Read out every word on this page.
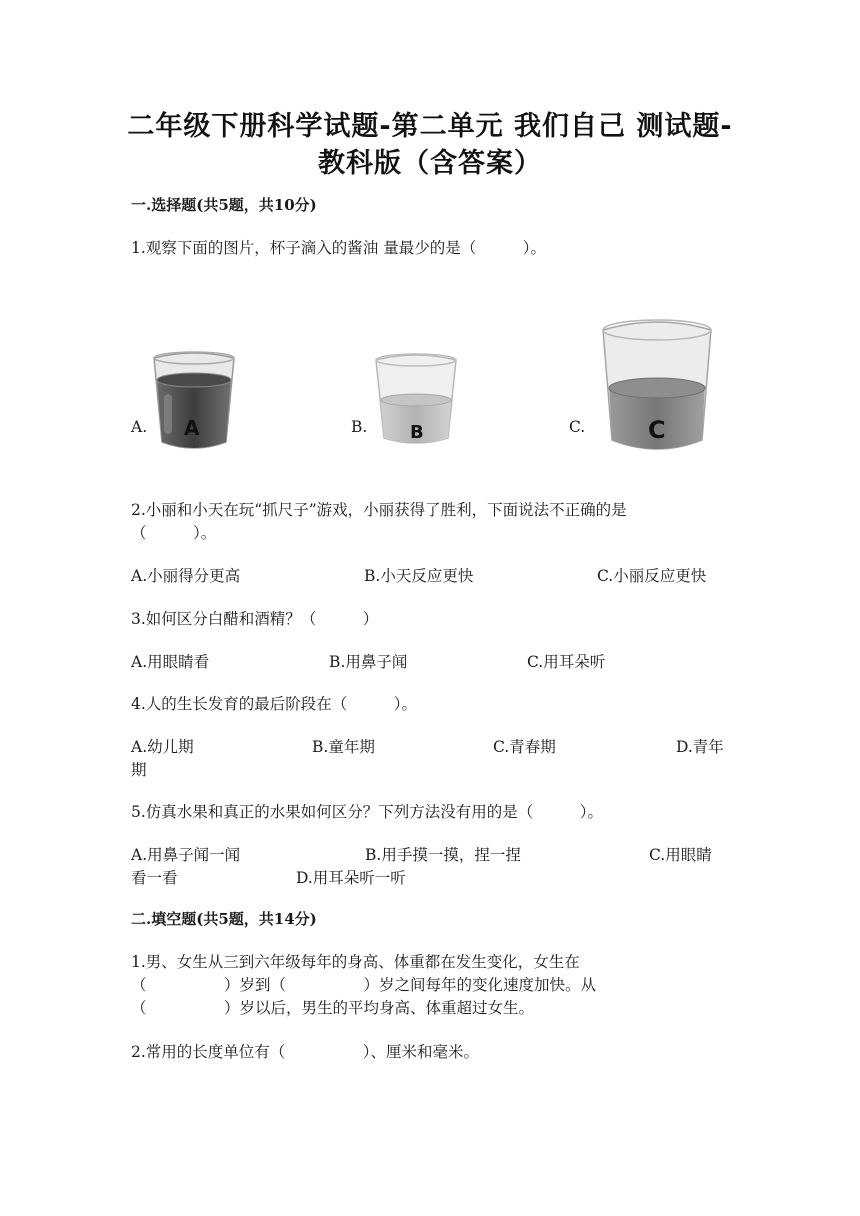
二年级下册科学试题-第二单元 我们自己 测试题-
教科版（含答案）
一.选择题(共5题，共10分)
1.观察下面的图片，杯子滴入的酱油 量最少的是（　　　）。
A. A	B. B	C.	C
2.小丽和小天在玩“抓尺子”游戏，小丽获得了胜利，下面说法不正确的是
（　　　）。
A.小丽得分更高	B.小天反应更快	C.小丽反应更快
3.如何区分白醋和酒精？（　　　）
A.用眼睛看	B.用鼻子闻	C.用耳朵听
4.人的生长发育的最后阶段在（　　　）。
A.幼儿期	B.童年期	C.青春期	D.青年
期
5.仿真水果和真正的水果如何区分？下列方法没有用的是（　　　）。
A.用鼻子闻一闻	B.用手摸一摸，捏一捏	C.用眼睛
看一看	D.用耳朵听一听
二.填空题(共5题，共14分)
1.男、女生从三到六年级每年的身高、体重都在发生变化，女生在
（　　　　　）岁到（　　　　　）岁之间每年的变化速度加快。从
（　　　　　）岁以后，男生的平均身高、体重超过女生。
2.常用的长度单位有（　　　　　）、厘米和毫米。
